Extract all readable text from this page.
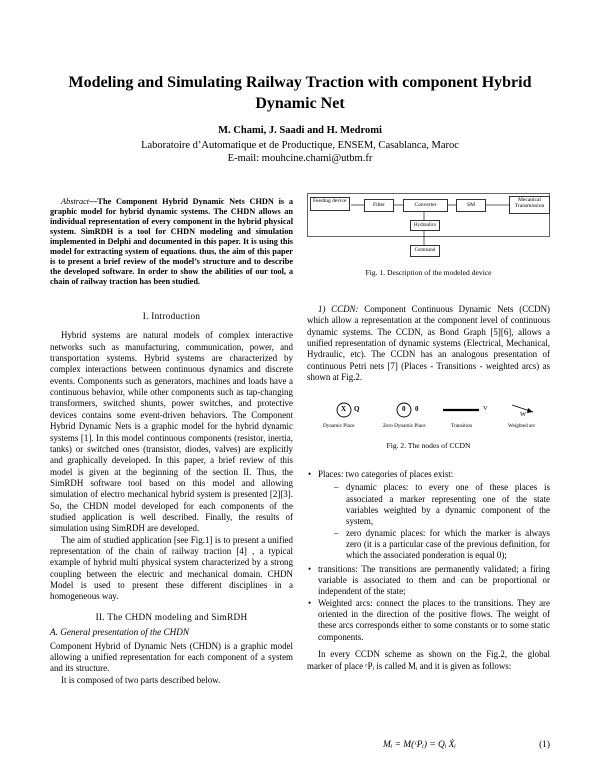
Modeling and Simulating Railway Traction with component Hybrid Dynamic Net
M. Chami, J. Saadi and H. Medromi
Laboratoire d’Automatique et de Productique, ENSEM, Casablanca, Maroc
E-mail: mouhcine.chami@utbm.fr

Abstract—The Component Hybrid Dynamic Nets CHDN is a graphic model for hybrid dynamic systems. The CHDN allows an individual representation of every component in the hybrid physical system. SimRDH is a tool for CHDN modeling and simulation implemented in Delphi and documented in this paper. It is using this model for extracting system of equations. thus, the aim of this paper is to present a brief review of the model’s structure and to describe the developed software. In order to show the abilities of our tool, a chain of railway traction has been studied.

I. Introduction

Hybrid systems are natural models of complex interactive networks such as manufacturing, communication, power, and transportation systems. Hybrid systems are characterized by complex interactions between continuous dynamics and discrete events. Components such as generators, machines and loads have a continuous behavior, while other components such as tap-changing transformers, switched shunts, power switches, and protective devices contains some event-driven behaviors. The Component Hybrid Dynamic Nets is a graphic model for the hybrid dynamic systems [1]. In this model continuous components (resistor, inertia, tanks) or switched ones (transistor, diodes, valves) are explicitly and graphically developed. In this paper, a brief review of this model is given at the beginning of the section II. Thus, the SimRDH software tool based on this model and allowing simulation of electro mechanical hybrid system is presented [2][3]. So, the CHDN model developed for each components of the studied application is well described. Finally, the results of simulation using SimRDH are developed.

The aim of studied application [see Fig.1] is to present a unified representation of the chain of railway traction [4] , a typical example of hybrid multi physical system characterized by a strong coupling between the electric and mechanical domain. CHDN Model is used to present these different disciplines in a homogeneous way.

II. The CHDN modeling and SimRDH

A. General presentation of the CHDN

Component Hybrid of Dynamic Nets (CHDN) is a graphic model allowing a unified representation for each component of a system and its structure.

It is composed of two parts described below.

Feeding device
Filter	Converter	SM
Mecanical Transmission
Hydraulics
Command
Fig. 1. Description of the modeled device

1) CCDN: Component Continuous Dynamic Nets (CCDN) which allow a representation at the component level of continuous dynamic systems. The CCDN, as Bond Graph [5][6], allows a unified representation of dynamic systems (Electrical, Mechanical, Hydraulic, etc). The CCDN has an analogous presentation of continuous Petri nets [7] (Places - Transitions - weighted arcs) as shown at Fig.2.

X Q	0 0	V
W
Dynamic Place	Zero Dynamic Place	Transition	Weighted arc
Fig. 2. The nodes of CCDN
• Places: two categories of places exist:
– dynamic places: to every one of these places is associated a marker representing one of the state variables weighted by a dynamic component of the system,
– zero dynamic places: for which the marker is always zero (it is a particular case of the previous definition, for which the associated ponderation is equal 0);
• transitions: The transitions are permanently validated; a firing variable is associated to them and can be proportional or independent of the state;
• Weighted arcs: connect the places to the transitions. They are oriented in the direction of the positive flows. The weight of these arcs corresponds either to some constants or to some static components.

In every CCDN scheme as shown on the Fig.2, the global marker of place ᶜPᵢ is called Mᵢ and it is given as follows:

Mᵢ = M(ᶜPᵢ) = Qᵢ Ẋᵢ	(1)
